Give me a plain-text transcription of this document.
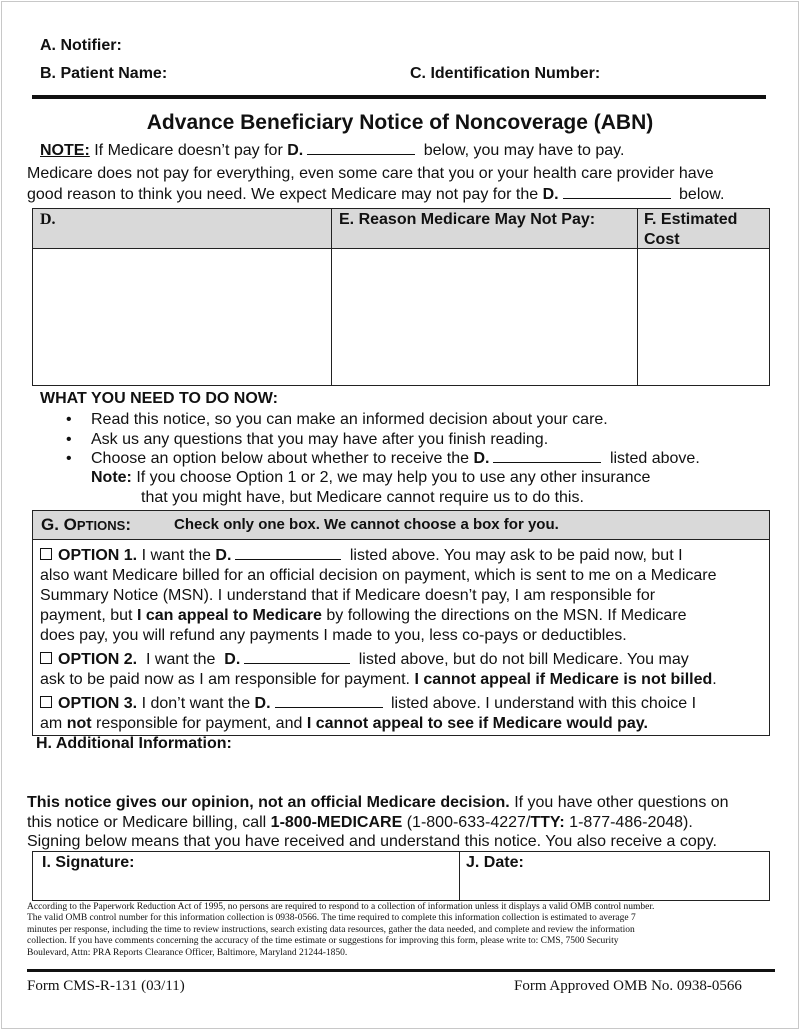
A. Notifier:
B. Patient Name:	C. Identification Number:
Advance Beneficiary Notice of Noncoverage (ABN)
NOTE: If Medicare doesn’t pay for D.	below, you may have to pay.
Medicare does not pay for everything, even some care that you or your health care provider have
good reason to think you need. We expect Medicare may not pay for the D.	below.
D.	E. Reason Medicare May Not Pay:	F. Estimated
Cost
WHAT YOU NEED TO DO NOW:
• Read this notice, so you can make an informed decision about your care.
• Ask us any questions that you may have after you finish reading.
• Choose an option below about whether to receive the D.	listed above.
Note: If you choose Option 1 or 2, we may help you to use any other insurance
that you might have, but Medicare cannot require us to do this.
G. OPTIONS:	Check only one box. We cannot choose a box for you.
OPTION 1. I want the D.	listed above. You may ask to be paid now, but I
also want Medicare billed for an official decision on payment, which is sent to me on a Medicare
Summary Notice (MSN). I understand that if Medicare doesn’t pay, I am responsible for
payment, but I can appeal to Medicare by following the directions on the MSN. If Medicare
does pay, you will refund any payments I made to you, less co-pays or deductibles.
OPTION 2. I want the D.	listed above, but do not bill Medicare. You may
ask to be paid now as I am responsible for payment. I cannot appeal if Medicare is not billed.
OPTION 3. I don’t want the D.	listed above. I understand with this choice I
am not responsible for payment, and I cannot appeal to see if Medicare would pay.
H. Additional Information:
This notice gives our opinion, not an official Medicare decision. If you have other questions on
this notice or Medicare billing, call 1-800-MEDICARE (1-800-633-4227/TTY: 1-877-486-2048).
Signing below means that you have received and understand this notice. You also receive a copy.
I. Signature:	J. Date:
According to the Paperwork Reduction Act of 1995, no persons are required to respond to a collection of information unless it displays a valid OMB control number.
The valid OMB control number for this information collection is 0938-0566. The time required to complete this information collection is estimated to average 7
minutes per response, including the time to review instructions, search existing data resources, gather the data needed, and complete and review the information
collection. If you have comments concerning the accuracy of the time estimate or suggestions for improving this form, please write to: CMS, 7500 Security
Boulevard, Attn: PRA Reports Clearance Officer, Baltimore, Maryland 21244-1850.
Form CMS-R-131 (03/11)	Form Approved OMB No. 0938-0566
